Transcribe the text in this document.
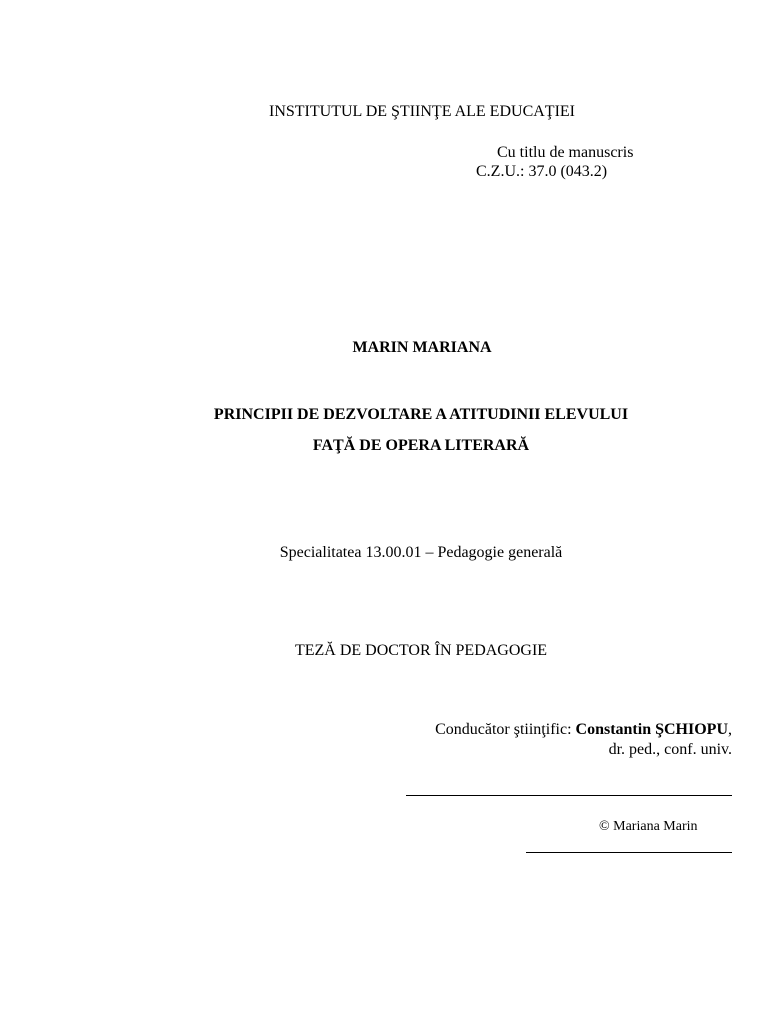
INSTITUTUL DE ŞTIINŢE ALE EDUCAŢIEI
Cu titlu de manuscris
C.Z.U.: 37.0 (043.2)
MARIN MARIANA
PRINCIPII DE DEZVOLTARE A ATITUDINII ELEVULUI
FAŢĂ DE OPERA LITERARĂ
Specialitatea 13.00.01 – Pedagogie generală
TEZĂ DE DOCTOR ÎN PEDAGOGIE
Conducător ştiinţific: Constantin ŞCHIOPU,
dr. ped., conf. univ.
© Mariana Marin
